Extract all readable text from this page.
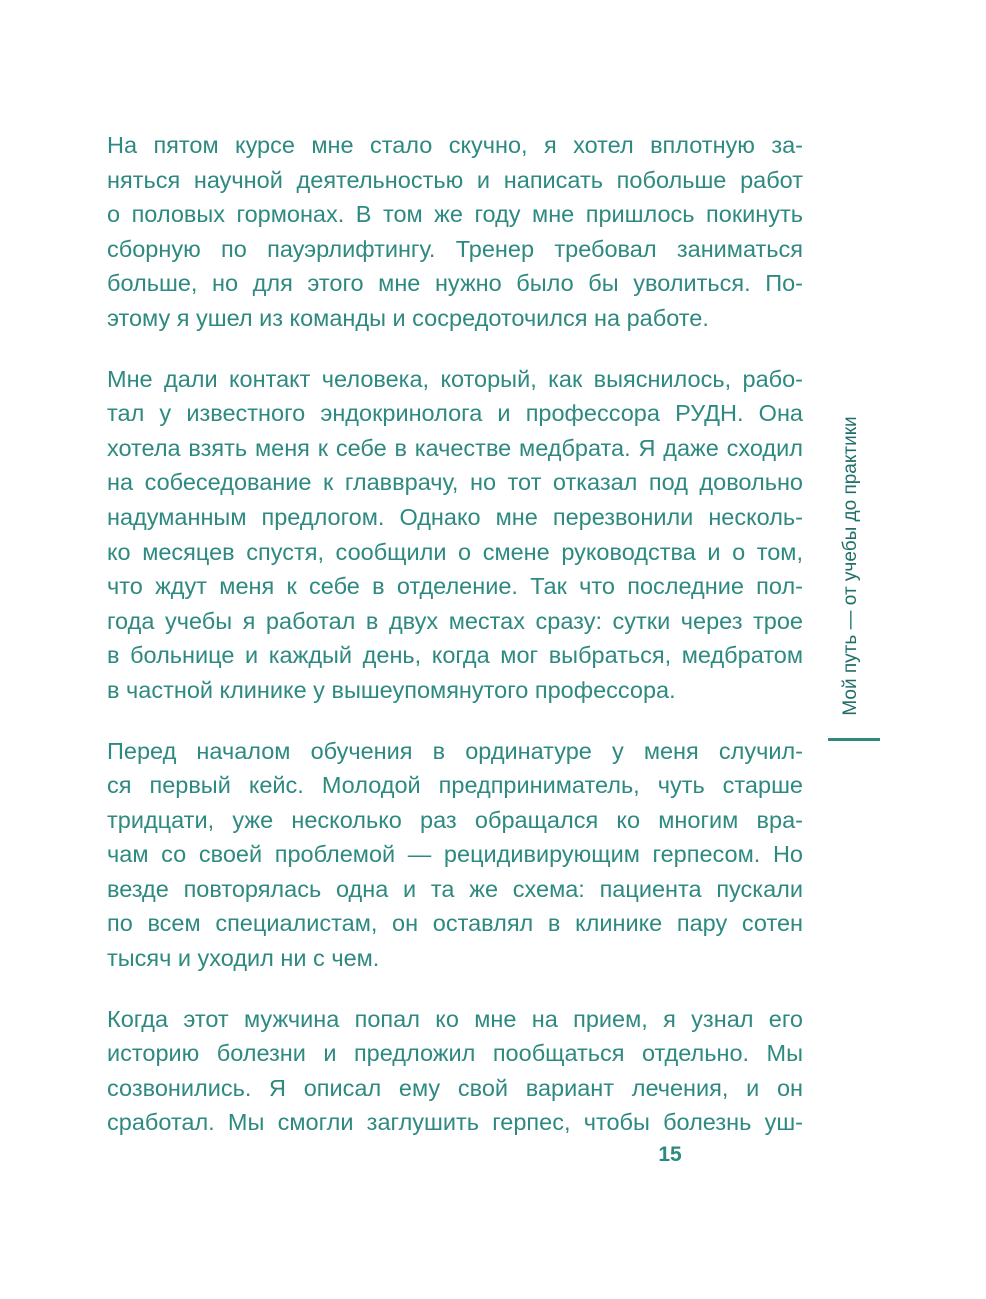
На пятом курсе мне стало скучно, я хотел вплотную за-
няться научной деятельностью и написать побольше работ
о половых гормонах. В том же году мне пришлось покинуть
сборную по пауэрлифтингу. Тренер требовал заниматься
больше, но для этого мне нужно было бы уволиться. По-
этому я ушел из команды и сосредоточился на работе.

Мне дали контакт человека, который, как выяснилось, рабо-
тал у известного эндокринолога и профессора РУДН. Она
хотела взять меня к себе в качестве медбрата. Я даже сходил
на собеседование к главврачу, но тот отказал под довольно
надуманным предлогом. Однако мне перезвонили несколь-
ко месяцев спустя, сообщили о смене руководства и о том,
что ждут меня к себе в отделение. Так что последние пол-
года учебы я работал в двух местах сразу: сутки через трое
в больнице и каждый день, когда мог выбраться, медбратом
в частной клинике у вышеупомянутого профессора.

Перед началом обучения в ординатуре у меня случил-
ся первый кейс. Молодой предприниматель, чуть старше
тридцати, уже несколько раз обращался ко многим вра-
чам со своей проблемой — рецидивирующим герпесом. Но
везде повторялась одна и та же схема: пациента пускали
по всем специалистам, он оставлял в клинике пару сотен
тысяч и уходил ни с чем.

Когда этот мужчина попал ко мне на прием, я узнал его
историю болезни и предложил пообщаться отдельно. Мы
созвонились. Я описал ему свой вариант лечения, и он
сработал. Мы смогли заглушить герпес, чтобы болезнь уш-

Мой путь — от учебы до практики
15
